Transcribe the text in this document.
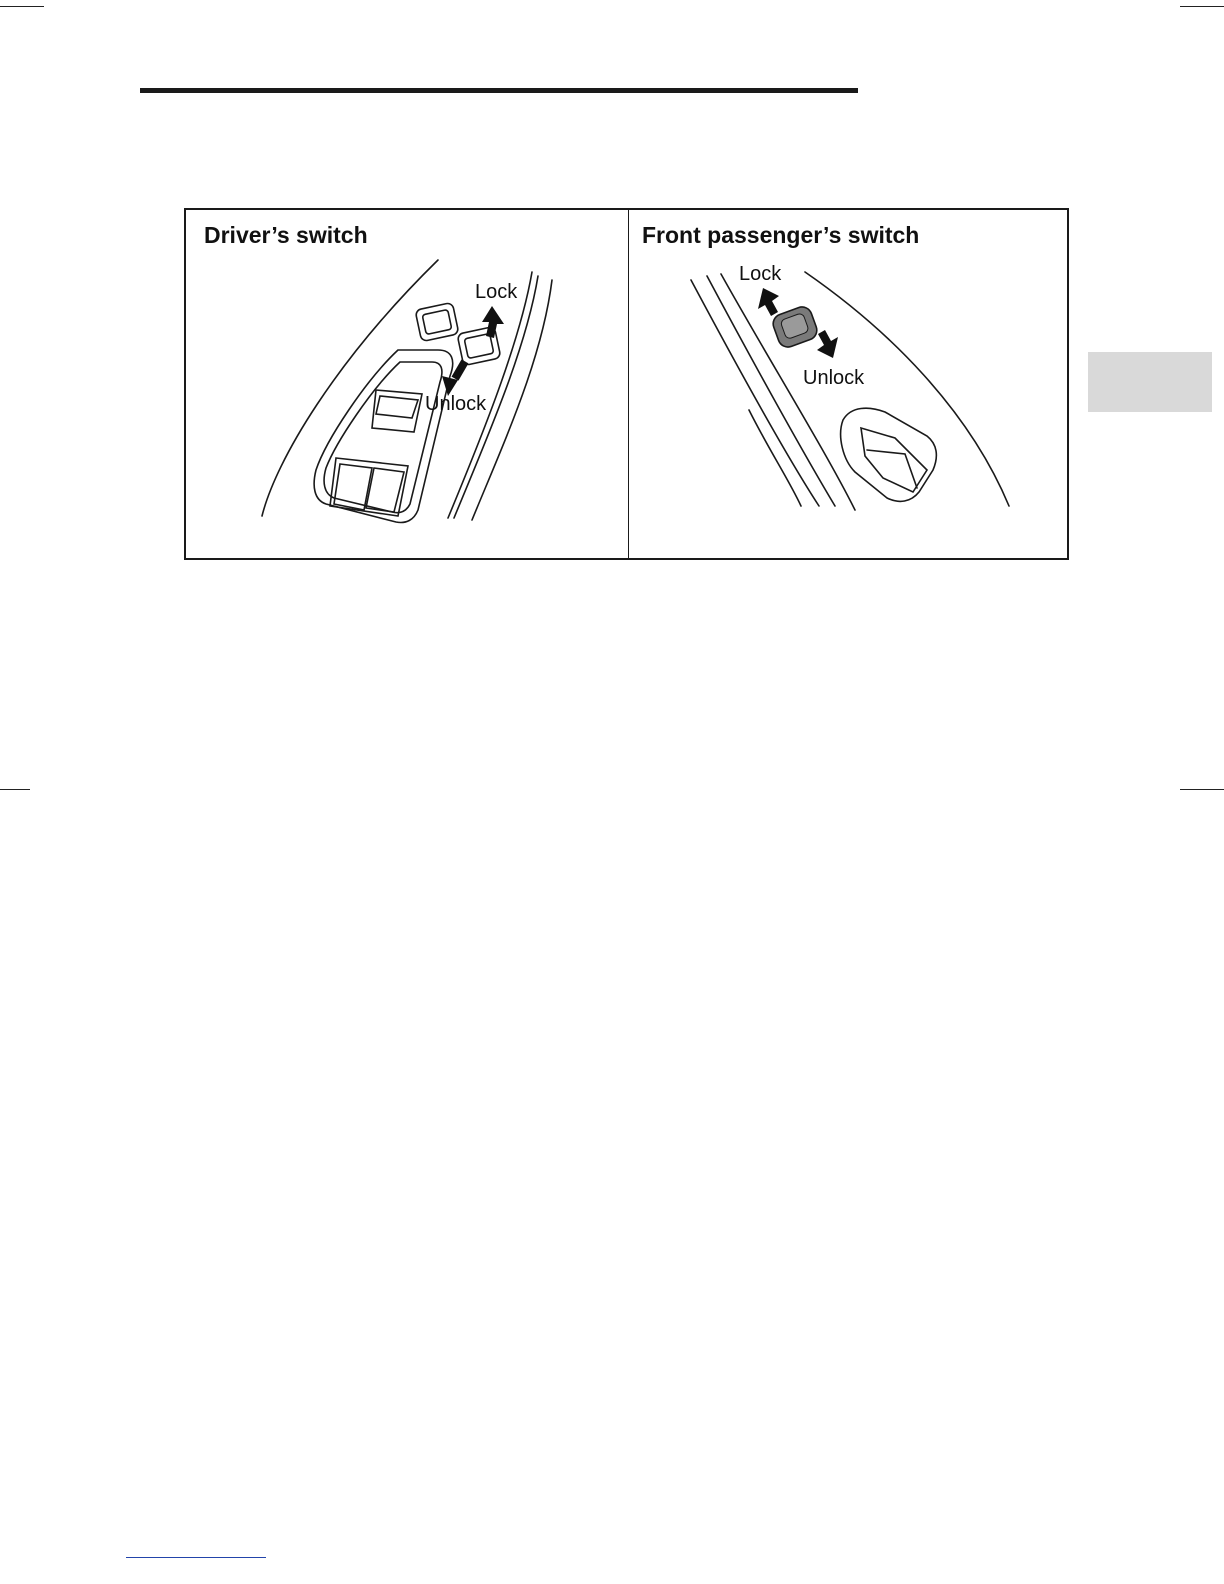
Driver’s switch
Lock
Unlock
Front passenger’s switch
Lock
Unlock
